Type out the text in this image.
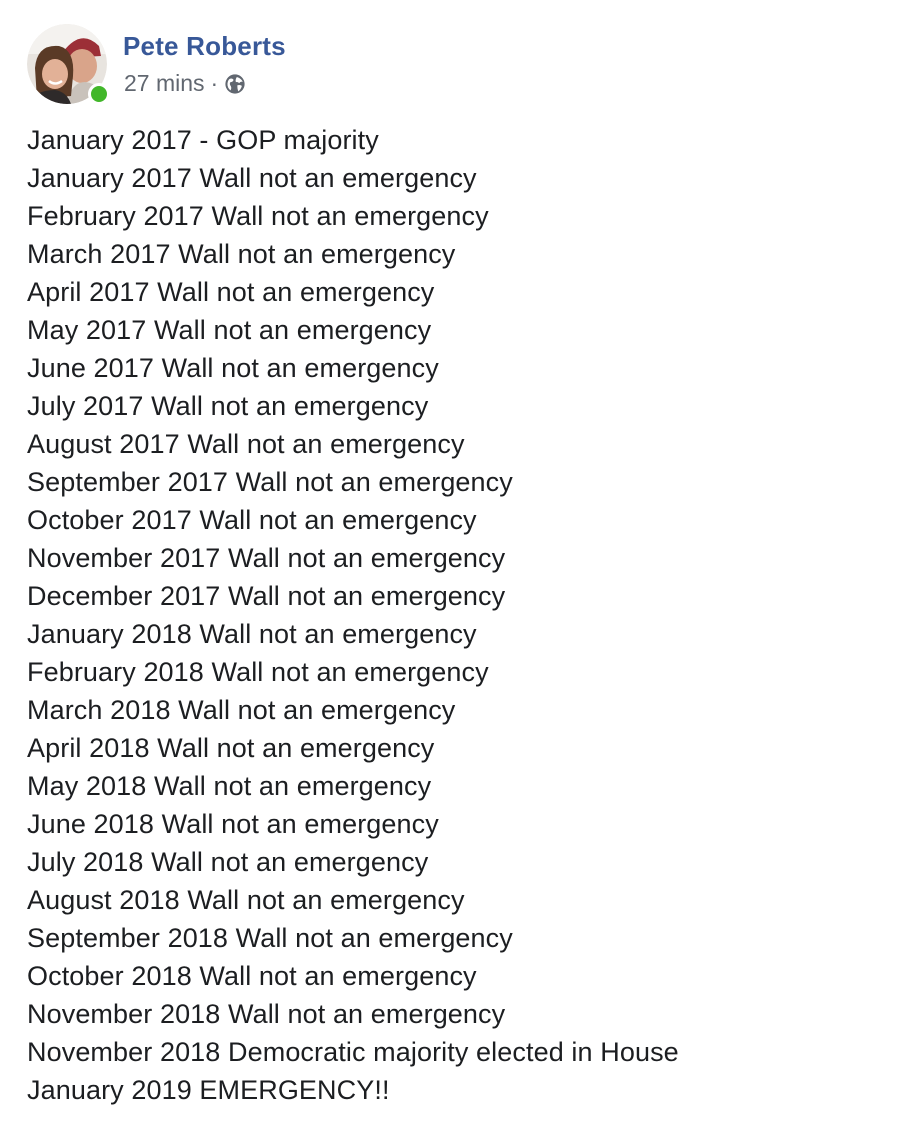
Pete Roberts
27 mins ·
January 2017 - GOP majority
January 2017 Wall not an emergency
February 2017 Wall not an emergency
March 2017 Wall not an emergency
April 2017 Wall not an emergency
May 2017 Wall not an emergency
June 2017 Wall not an emergency
July 2017 Wall not an emergency
August 2017 Wall not an emergency
September 2017 Wall not an emergency
October 2017 Wall not an emergency
November 2017 Wall not an emergency
December 2017 Wall not an emergency
January 2018 Wall not an emergency
February 2018 Wall not an emergency
March 2018 Wall not an emergency
April 2018 Wall not an emergency
May 2018 Wall not an emergency
June 2018 Wall not an emergency
July 2018 Wall not an emergency
August 2018 Wall not an emergency
September 2018 Wall not an emergency
October 2018 Wall not an emergency
November 2018 Wall not an emergency
November 2018 Democratic majority elected in House
January 2019 EMERGENCY!!
